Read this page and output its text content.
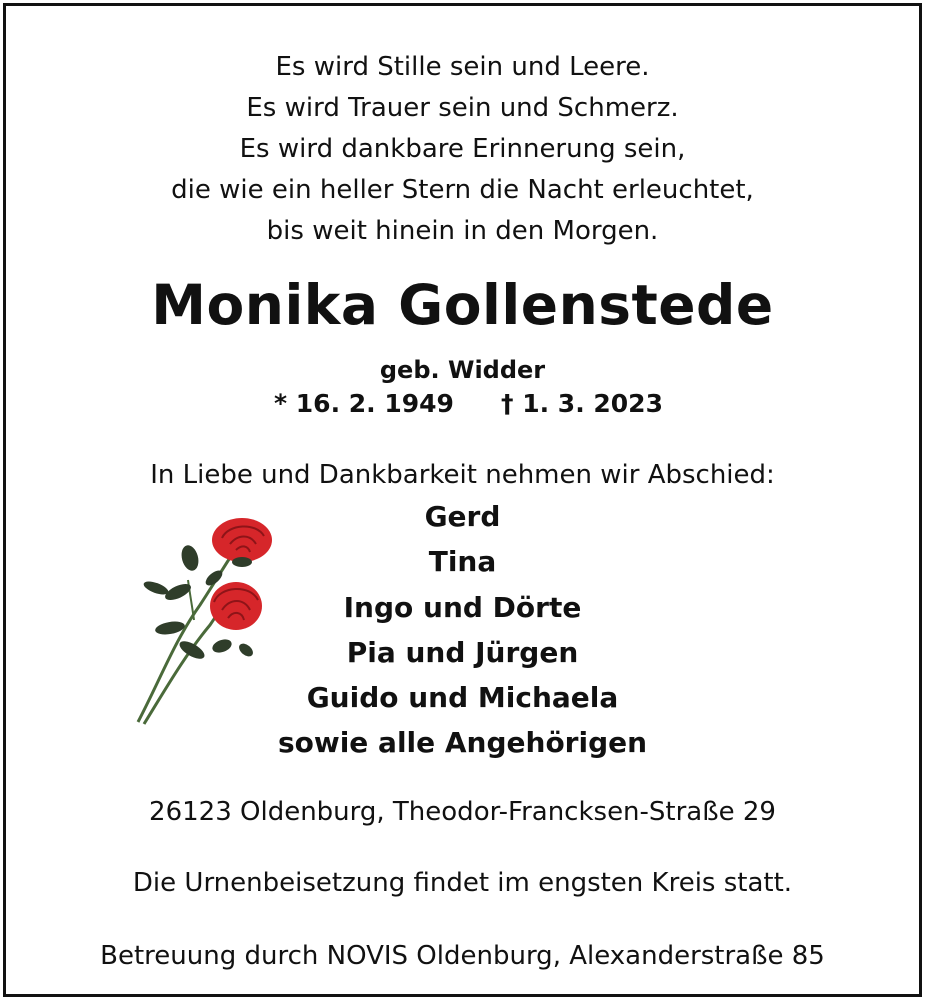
Es wird Stille sein und Leere.
Es wird Trauer sein und Schmerz.
Es wird dankbare Erinnerung sein,
die wie ein heller Stern die Nacht erleuchtet,
bis weit hinein in den Morgen.
Monika Gollenstede
geb. Widder
* 16. 2. 1949 † 1. 3. 2023
In Liebe und Dankbarkeit nehmen wir Abschied:
Gerd
Tina
Ingo und Dörte
Pia und Jürgen
Guido und Michaela
sowie alle Angehörigen
26123 Oldenburg, Theodor-Francksen-Straße 29
Die Urnenbeisetzung findet im engsten Kreis statt.
Betreuung durch NOVIS Oldenburg, Alexanderstraße 85
